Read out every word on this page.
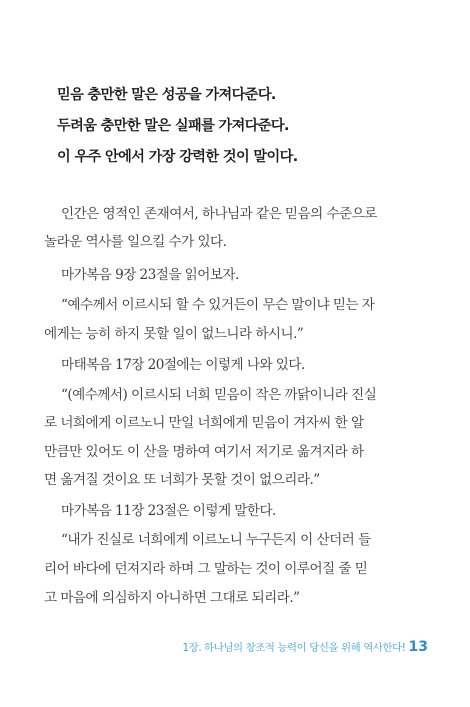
믿음 충만한 말은 성공을 가져다준다.
두려움 충만한 말은 실패를 가져다준다.
이 우주 안에서 가장 강력한 것이 말이다.
인간은 영적인 존재여서, 하나님과 같은 믿음의 수준으로
놀라운 역사를 일으킬 수가 있다.
마가복음 9장 23절을 읽어보자.
“예수께서 이르시되 할 수 있거든이 무슨 말이냐 믿는 자
에게는 능히 하지 못할 일이 없느니라 하시니.”
마태복음 17장 20절에는 이렇게 나와 있다.
“(예수께서) 이르시되 너희 믿음이 작은 까닭이니라 진실
로 너희에게 이르노니 만일 너희에게 믿음이 겨자씨 한 알
만큼만 있어도 이 산을 명하여 여기서 저기로 옮겨지라 하
면 옮겨질 것이요 또 너희가 못할 것이 없으리라.”
마가복음 11장 23절은 이렇게 말한다.
“내가 진실로 너희에게 이르노니 누구든지 이 산더러 들
리어 바다에 던져지라 하며 그 말하는 것이 이루어질 줄 믿
고 마음에 의심하지 아니하면 그대로 되리라.”
1장. 하나님의 창조적 능력이 당신을 위해 역사한다! 13
